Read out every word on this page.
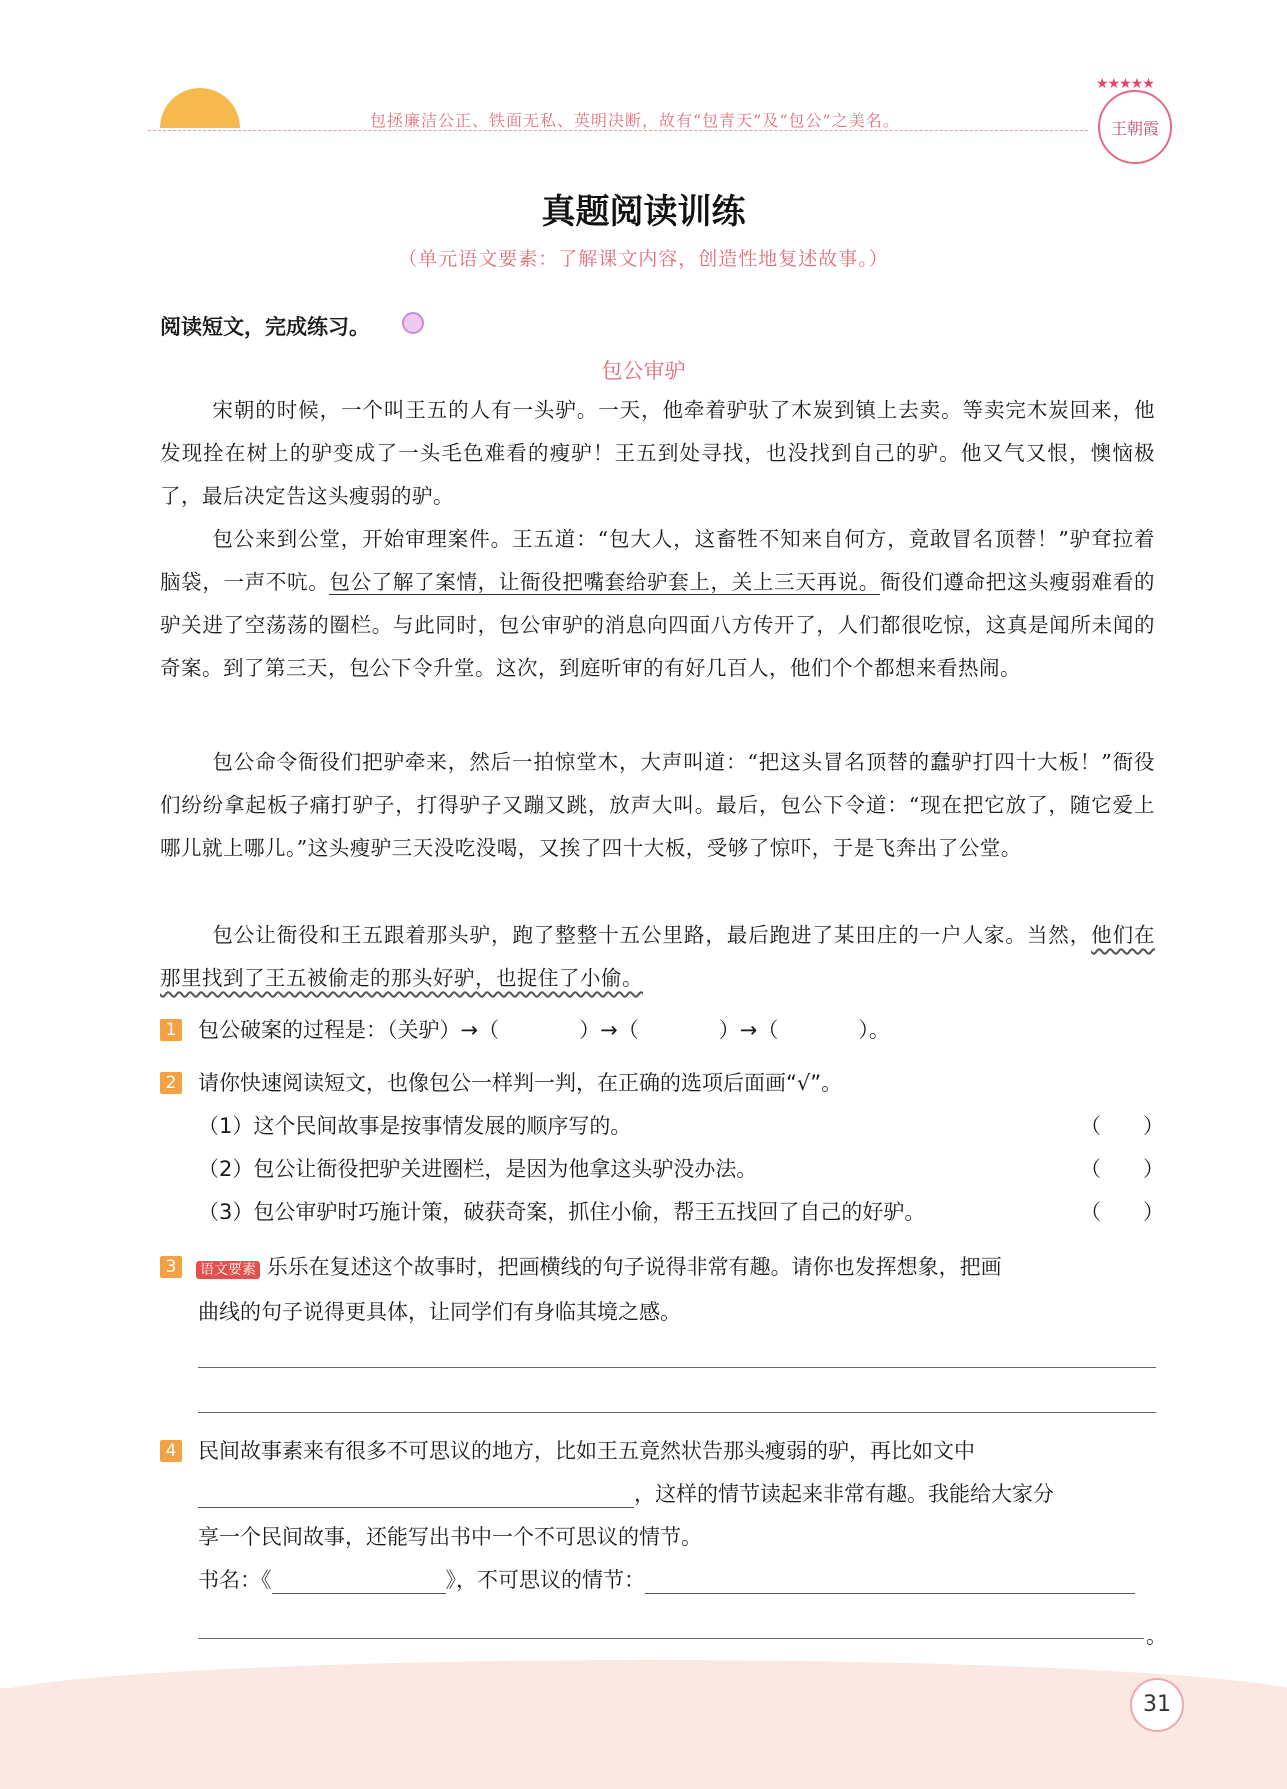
包拯廉洁公正、铁面无私、英明决断，故有“包青天”及“包公”之美名。
★★★★★
王朝霞
真题阅读训练
（单元语文要素：了解课文内容，创造性地复述故事。）
阅读短文，完成练习。
包公审驴
宋朝的时候，一个叫王五的人有一头驴。一天，他牵着驴驮了木炭到镇上去卖。等卖完木炭回来，他发现拴在树上的驴变成了一头毛色难看的瘦驴！王五到处寻找，也没找到自己的驴。他又气又恨，懊恼极了，最后决定告这头瘦弱的驴。
包公来到公堂，开始审理案件。王五道：“包大人，这畜牲不知来自何方，竟敢冒名顶替！”驴耷拉着脑袋，一声不吭。包公了解了案情，让衙役把嘴套给驴套上，关上三天再说。衙役们遵命把这头瘦弱难看的驴关进了空荡荡的圈栏。与此同时，包公审驴的消息向四面八方传开了，人们都很吃惊，这真是闻所未闻的奇案。到了第三天，包公下令升堂。这次，到庭听审的有好几百人，他们个个都想来看热闹。
包公命令衙役们把驴牵来，然后一拍惊堂木，大声叫道：“把这头冒名顶替的蠢驴打四十大板！”衙役们纷纷拿起板子痛打驴子，打得驴子又蹦又跳，放声大叫。最后，包公下令道：“现在把它放了，随它爱上哪儿就上哪儿。”这头瘦驴三天没吃没喝，又挨了四十大板，受够了惊吓，于是飞奔出了公堂。
包公让衙役和王五跟着那头驴，跑了整整十五公里路，最后跑进了某田庄的一户人家。当然，他们在那里找到了王五被偷走的那头好驴，也捉住了小偷。
1 包公破案的过程是：（关驴）→（	）→（	）→（	）。
2 请你快速阅读短文，也像包公一样判一判，在正确的选项后面画“√”。
（1）这个民间故事是按事情发展的顺序写的。	（　　）
（2）包公让衙役把驴关进圈栏，是因为他拿这头驴没办法。	（　　）
（3）包公审驴时巧施计策，破获奇案，抓住小偷，帮王五找回了自己的好驴。	（　　）
3	语文要素 乐乐在复述这个故事时，把画横线的句子说得非常有趣。请你也发挥想象，把画
曲线的句子说得更具体，让同学们有身临其境之感。
4 民间故事素来有很多不可思议的地方，比如王五竟然状告那头瘦弱的驴，再比如文中
，这样的情节读起来非常有趣。我能给大家分
享一个民间故事，还能写出书中一个不可思议的情节。
书名：《	》，不可思议的情节：
。
31
